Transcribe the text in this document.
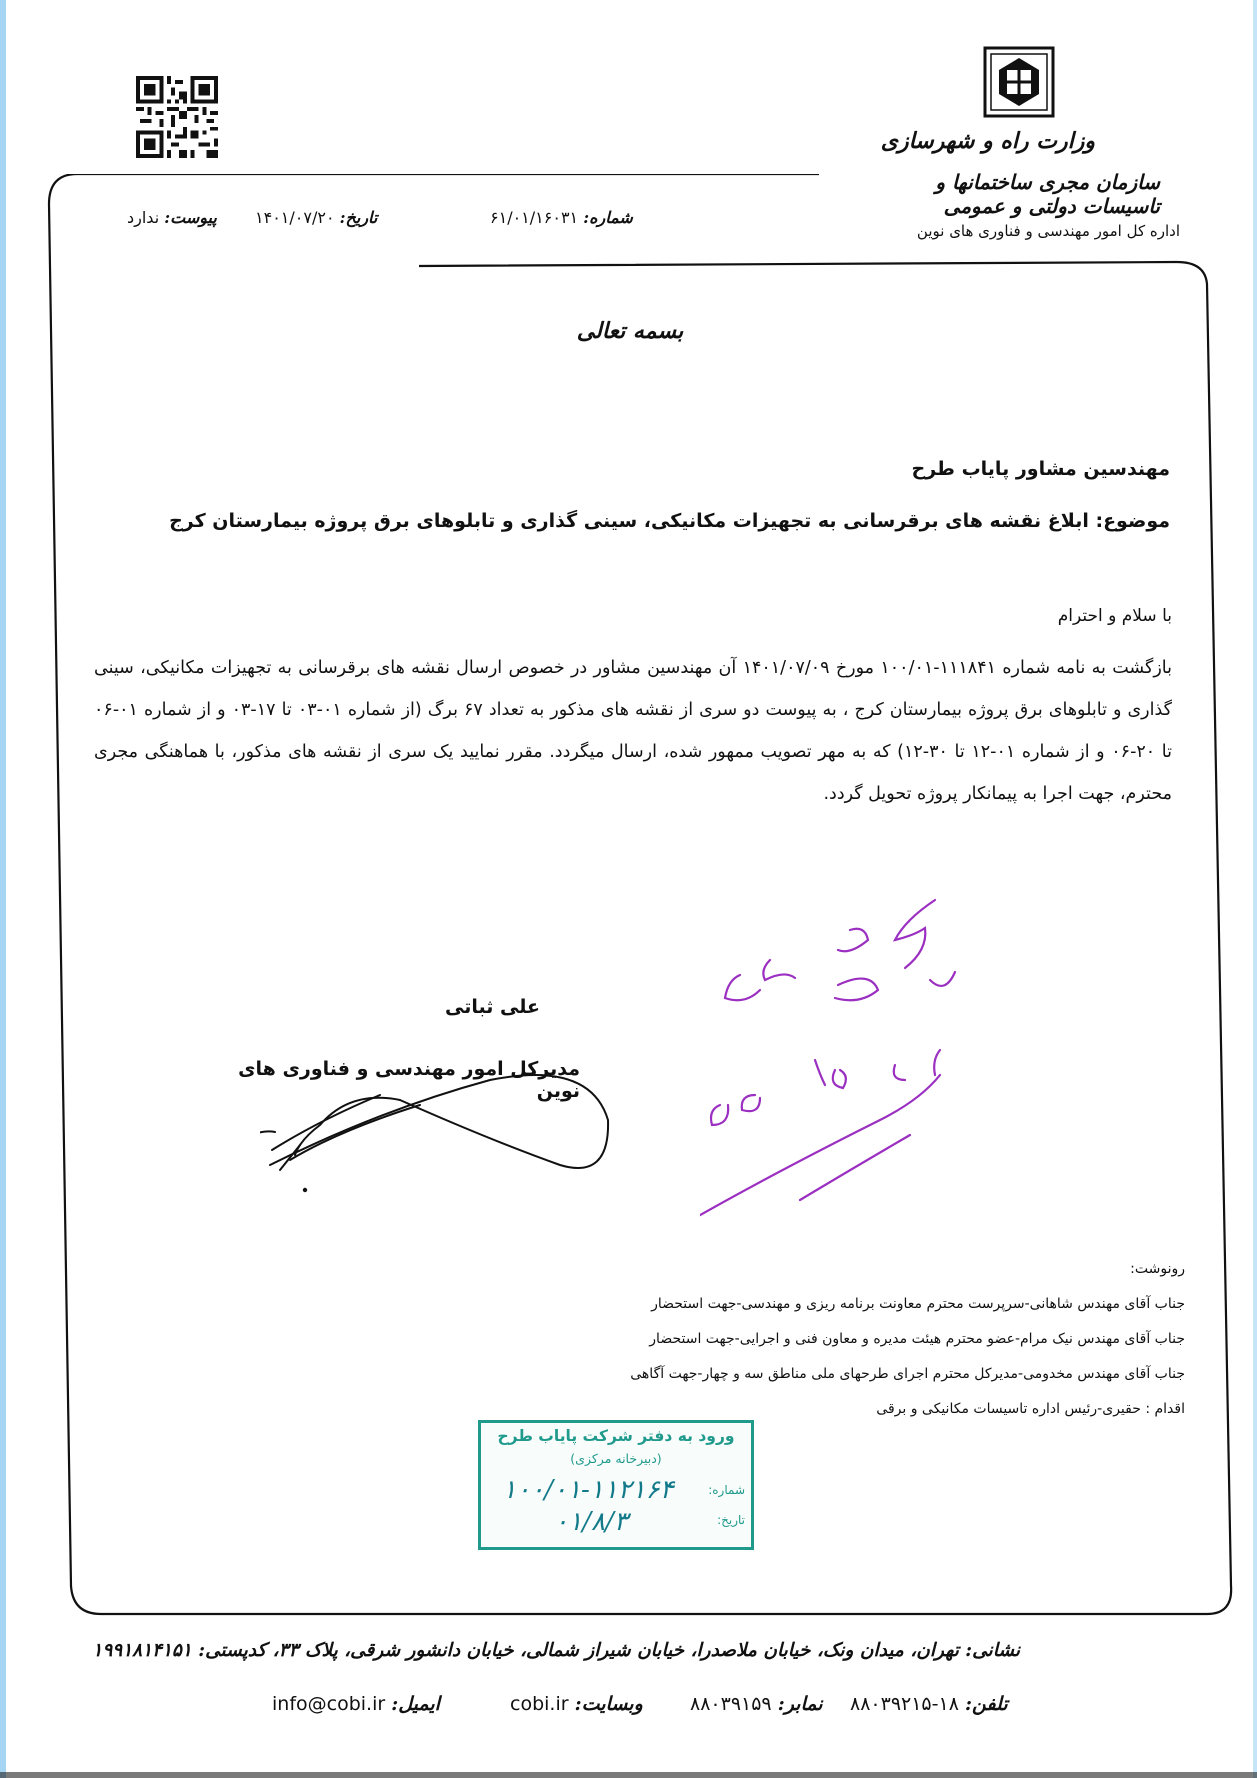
وزارت راه و شهرسازی
سازمان مجری ساختمانها و تاسیسات دولتی و عمومی
اداره کل امور مهندسی و فناوری های نوین
شماره: ۶۱/۰۱/۱۶۰۳۱
تاریخ: ۱۴۰۱/۰۷/۲۰
پیوست: ندارد
بسمه تعالی
مهندسین مشاور پایاب طرح
موضوع: ابلاغ نقشه های برقرسانی به تجهیزات مکانیکی، سینی گذاری و تابلوهای برق پروژه بیمارستان کرج
با سلام و احترام
بازگشت به نامه شماره ۱۱۱۸۴۱-۱۰۰/۰۱ مورخ ۱۴۰۱/۰۷/۰۹ آن مهندسین مشاور در خصوص ارسال نقشه های برقرسانی به تجهیزات مکانیکی، سینی گذاری و تابلوهای برق پروژه بیمارستان کرج ، به پیوست دو سری از نقشه های مذکور به تعداد ۶۷ برگ (از شماره ۰۱-۰۳ تا ۱۷-۰۳ و از شماره ۰۱-۰۶ تا ۲۰-۰۶ و از شماره ۰۱-۱۲ تا ۳۰-۱۲) که به مهر تصویب ممهور شده، ارسال میگردد. مقرر نمایید یک سری از نقشه های مذکور، با هماهنگی مجری محترم، جهت اجرا به پیمانکار پروژه تحویل گردد.
علی ثباتی
مدیرکل امور مهندسی و فناوری های نوین
رونوشت:
جناب آقای مهندس شاهانی-سرپرست محترم معاونت برنامه ریزی و مهندسی-جهت استحضار
جناب آقای مهندس نیک مرام-عضو محترم هیئت مدیره و معاون فنی و اجرایی-جهت استحضار
جناب آقای مهندس مخدومی-مدیرکل محترم اجرای طرحهای ملی مناطق سه و چهار-جهت آگاهی
اقدام : حقیری-رئیس اداره تاسیسات مکانیکی و برقی
ورود به دفتر شرکت پایاب طرح
(دبیرخانه مرکزی)
شماره:
تاریخ:
۱۰۰/۰۱-۱۱۲۱۶۴
۰۱/۸/۳
نشانی: تهران، میدان ونک، خیابان ملاصدرا، خیابان شیراز شمالی، خیابان دانشور شرقی، پلاک ۳۳، کدپستی: ۱۹۹۱۸۱۴۱۵۱
تلفن: ۱۸-۸۸۰۳۹۲۱۵
نمابر: ۸۸۰۳۹۱۵۹
وبسایت: cobi.ir
ایمیل: info@cobi.ir
